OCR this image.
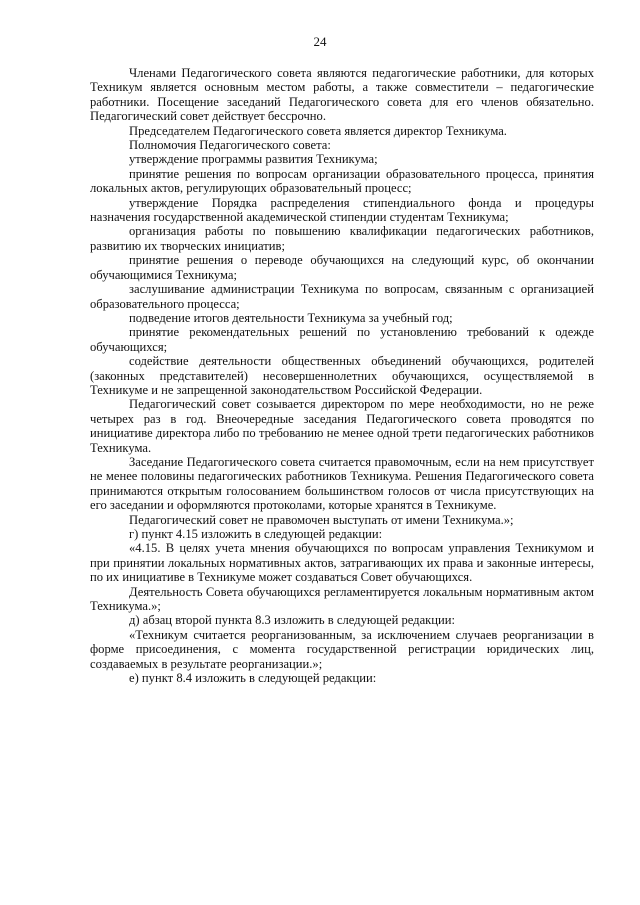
24

Членами Педагогического совета являются педагогические работники, для которых Техникум является основным местом работы, а также совместители – педагогические работники. Посещение заседаний Педагогического совета для его членов обязательно. Педагогический совет действует бессрочно.

Председателем Педагогического совета является директор Техникума.

Полномочия Педагогического совета:

утверждение программы развития Техникума;

принятие решения по вопросам организации образовательного процесса, принятия локальных актов, регулирующих образовательный процесс;

утверждение Порядка распределения стипендиального фонда и процедуры назначения государственной академической стипендии студентам Техникума;

организация работы по повышению квалификации педагогических работников, развитию их творческих инициатив;

принятие решения о переводе обучающихся на следующий курс, об окончании обучающимися Техникума;

заслушивание администрации Техникума по вопросам, связанным с организацией образовательного процесса;

подведение итогов деятельности Техникума за учебный год;

принятие рекомендательных решений по установлению требований к одежде обучающихся;

содействие деятельности общественных объединений обучающихся, родителей (законных представителей) несовершеннолетних обучающихся, осуществляемой в Техникуме и не запрещенной законодательством Российской Федерации.

Педагогический совет созывается директором по мере необходимости, но не реже четырех раз в год. Внеочередные заседания Педагогического совета проводятся по инициативе директора либо по требованию не менее одной трети педагогических работников Техникума.

Заседание Педагогического совета считается правомочным, если на нем присутствует не менее половины педагогических работников Техникума. Решения Педагогического совета принимаются открытым голосованием большинством голосов от числа присутствующих на его заседании и оформляются протоколами, которые хранятся в Техникуме.

Педагогический совет не правомочен выступать от имени Техникума.»;

г) пункт 4.15 изложить в следующей редакции:

«4.15. В целях учета мнения обучающихся по вопросам управления Техникумом и при принятии локальных нормативных актов, затрагивающих их права и законные интересы, по их инициативе в Техникуме может создаваться Совет обучающихся.

Деятельность Совета обучающихся регламентируется локальным нормативным актом Техникума.»;

д) абзац второй пункта 8.3 изложить в следующей редакции:

«Техникум считается реорганизованным, за исключением случаев реорганизации в форме присоединения, с момента государственной регистрации юридических лиц, создаваемых в результате реорганизации.»;

е) пункт 8.4 изложить в следующей редакции:
